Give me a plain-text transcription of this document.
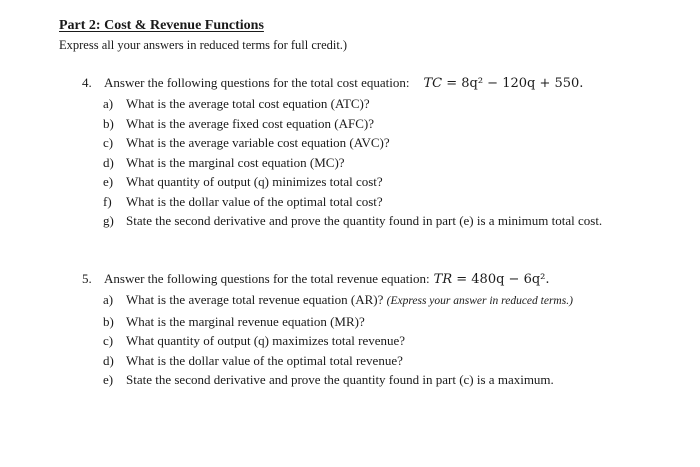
Part 2: Cost & Revenue Functions

Express all your answers in reduced terms for full credit.)

4. Answer the following questions for the total cost equation: TC = 8q² − 120q + 550.
a) What is the average total cost equation (ATC)?
b) What is the average fixed cost equation (AFC)?
c) What is the average variable cost equation (AVC)?
d) What is the marginal cost equation (MC)?
e) What quantity of output (q) minimizes total cost?
f) What is the dollar value of the optimal total cost?
g) State the second derivative and prove the quantity found in part (e) is a minimum total cost.
5. Answer the following questions for the total revenue equation: TR = 480q − 6q².
a) What is the average total revenue equation (AR)? (Express your answer in reduced terms.)
b) What is the marginal revenue equation (MR)?
c) What quantity of output (q) maximizes total revenue?
d) What is the dollar value of the optimal total revenue?
e) State the second derivative and prove the quantity found in part (c) is a maximum.
